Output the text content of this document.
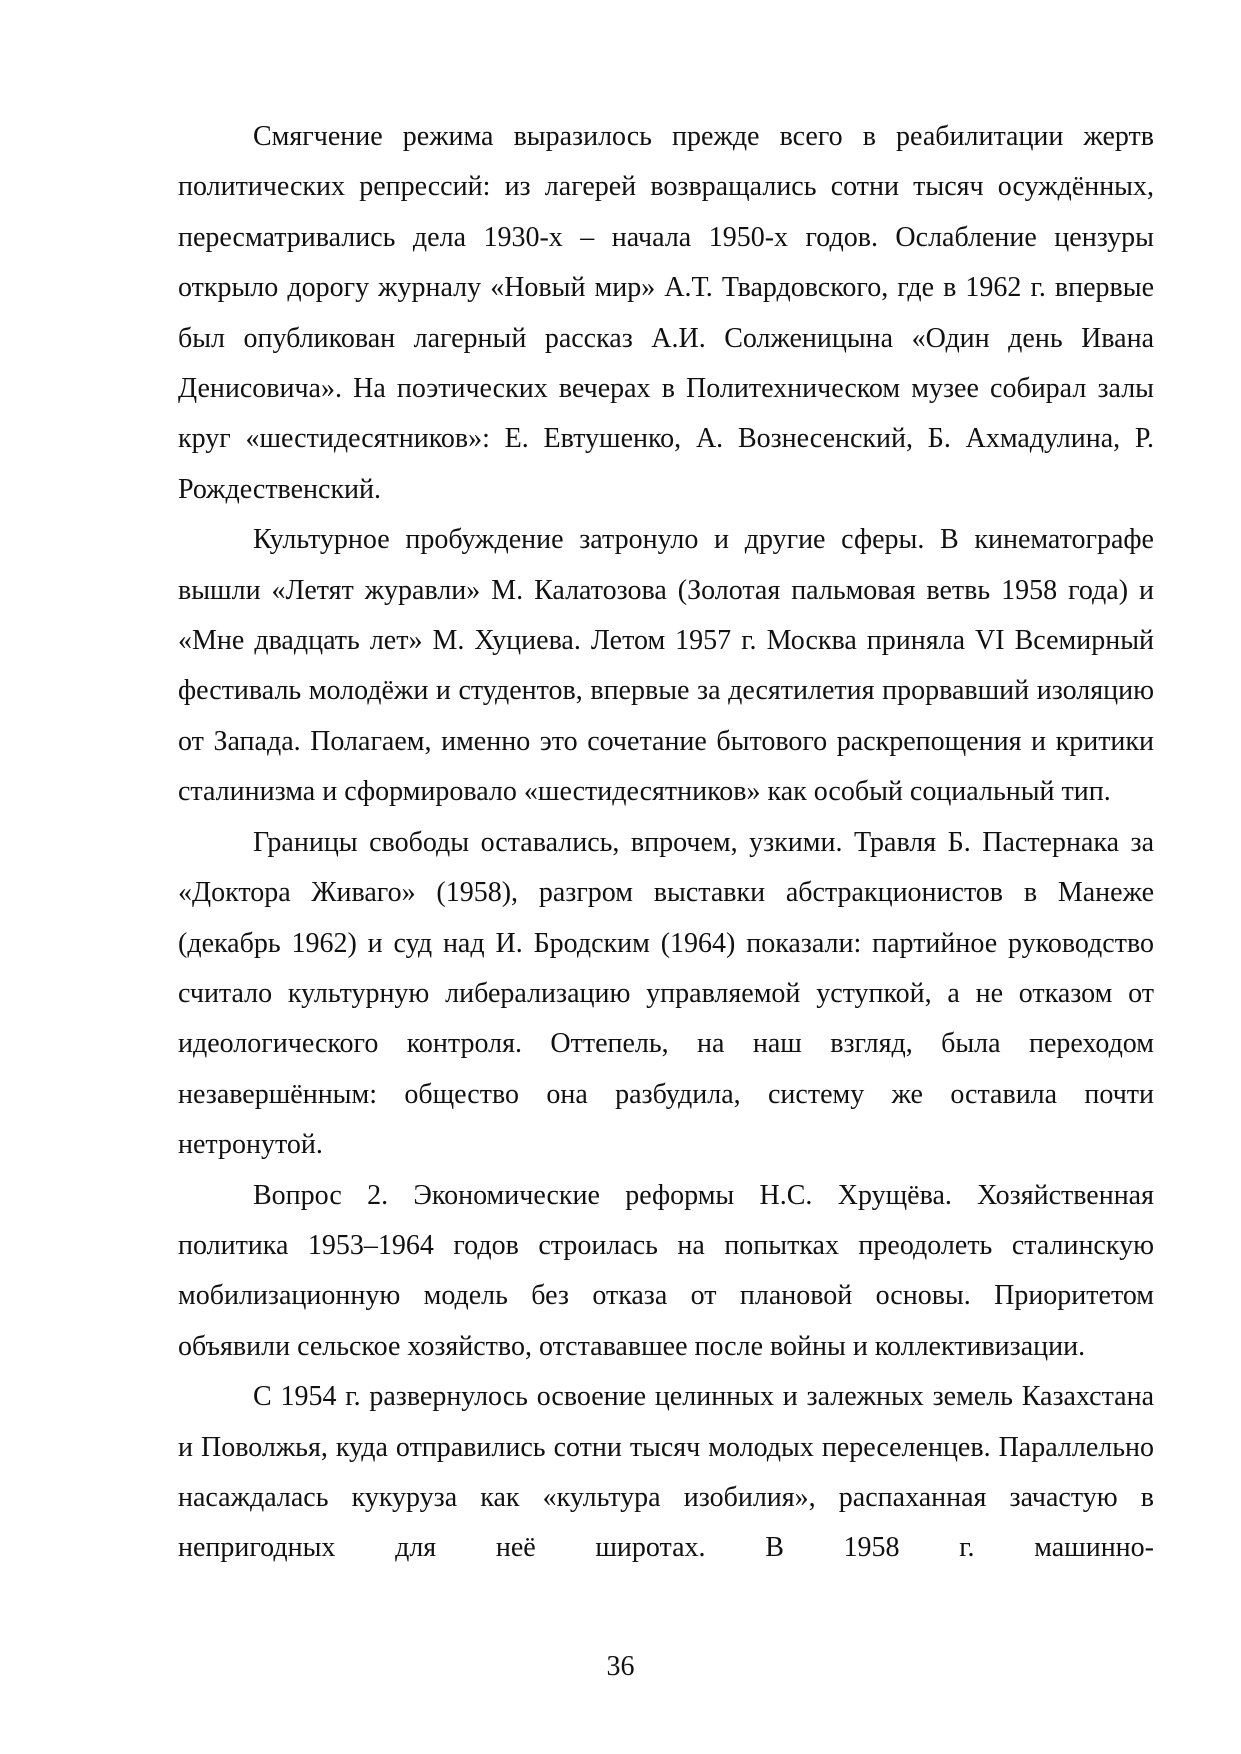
Смягчение режима выразилось прежде всего в реабилитации жертв политических репрессий: из лагерей возвращались сотни тысяч осуждённых, пересматривались дела 1930-х – начала 1950-х годов. Ослабление цензуры открыло дорогу журналу «Новый мир» А.Т. Твардовского, где в 1962 г. впервые был опубликован лагерный рассказ А.И. Солженицына «Один день Ивана Денисовича». На поэтических вечерах в Политехническом музее собирал залы круг «шестидесятников»: Е. Евтушенко, А. Вознесенский, Б. Ахмадулина, Р. Рождественский.

Культурное пробуждение затронуло и другие сферы. В кинематографе вышли «Летят журавли» М. Калатозова (Золотая пальмовая ветвь 1958 года) и «Мне двадцать лет» М. Хуциева. Летом 1957 г. Москва приняла VI Всемирный фестиваль молодёжи и студентов, впервые за десятилетия прорвавший изоляцию от Запада. Полагаем, именно это сочетание бытового раскрепощения и критики сталинизма и сформировало «шестидесятников» как особый социальный тип.

Границы свободы оставались, впрочем, узкими. Травля Б. Пастернака за «Доктора Живаго» (1958), разгром выставки абстракционистов в Манеже (декабрь 1962) и суд над И. Бродским (1964) показали: партийное руководство считало культурную либерализацию управляемой уступкой, а не отказом от идеологического контроля. Оттепель, на наш взгляд, была переходом незавершённым: общество она разбудила, систему же оставила почти нетронутой.

Вопрос 2. Экономические реформы Н.С. Хрущёва. Хозяйственная политика 1953–1964 годов строилась на попытках преодолеть сталинскую мобилизационную модель без отказа от плановой основы. Приоритетом объявили сельское хозяйство, отстававшее после войны и коллективизации.

С 1954 г. развернулось освоение целинных и залежных земель Казахстана и Поволжья, куда отправились сотни тысяч молодых переселенцев. Параллельно насаждалась кукуруза как «культура изобилия», распаханная зачастую в непригодных для неё широтах. В 1958 г. машинно-

36
